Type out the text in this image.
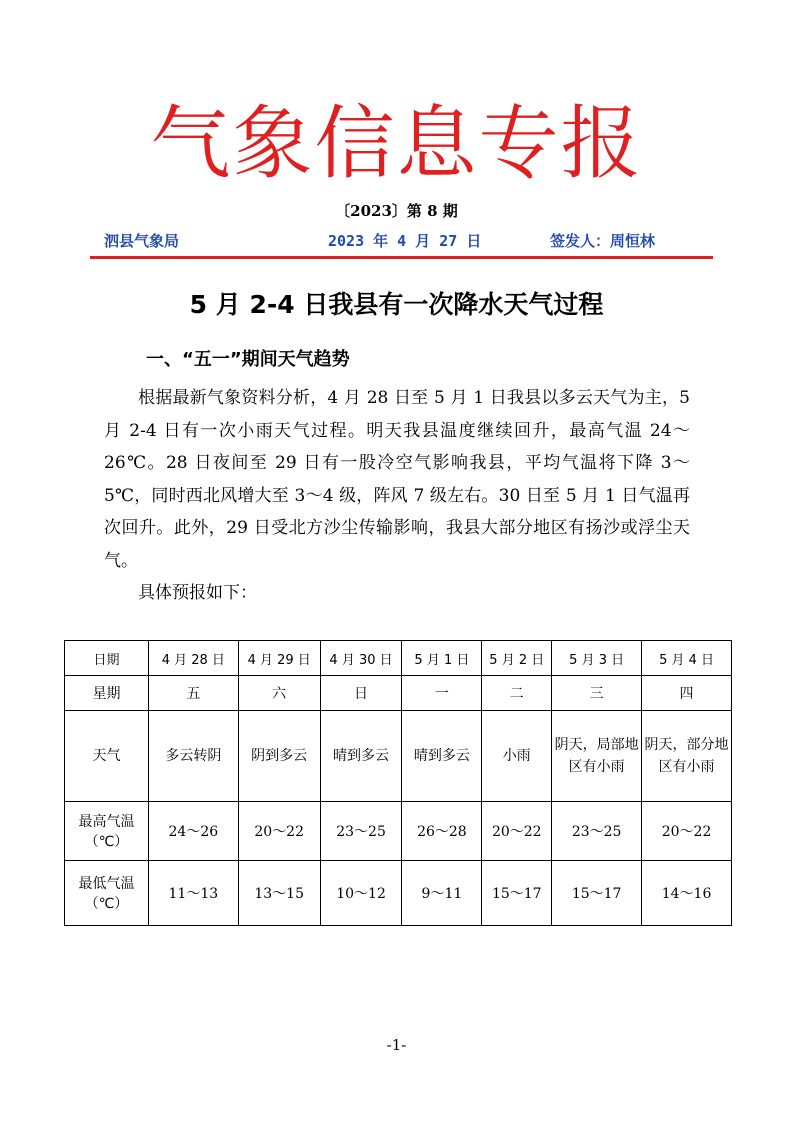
气象信息专报
〔2023〕第 8 期
泗县气象局	2023 年 4 月 27 日	签发人：周恒林
5 月 2-4 日我县有一次降水天气过程
一、“五一”期间天气趋势

根据最新气象资料分析，4 月 28 日至 5 月 1 日我县以多云天气为主，5 月 2-4 日有一次小雨天气过程。明天我县温度继续回升，最高气温 24～26℃。28 日夜间至 29 日有一股冷空气影响我县，平均气温将下降 3～5℃，同时西北风增大至 3～4 级，阵风 7 级左右。30 日至 5 月 1 日气温再次回升。此外，29 日受北方沙尘传输影响，我县大部分地区有扬沙或浮尘天气。

具体预报如下：

日期	4 月 28 日	4 月 29 日	4 月 30 日	5 月 1 日	5 月 2 日	5 月 3 日	5 月 4 日
星期	五	六	日	一	二	三	四
天气	多云转阴	阴到多云	晴到多云	晴到多云	小雨	阴天，局部地区有小雨	阴天，部分地区有小雨
最高气温（℃）	24～26	20～22	23～25	26～28	20～22	23～25	20～22
最低气温（℃）	11～13	13～15	10～12	9～11	15～17	15～17	14～16
-1-
